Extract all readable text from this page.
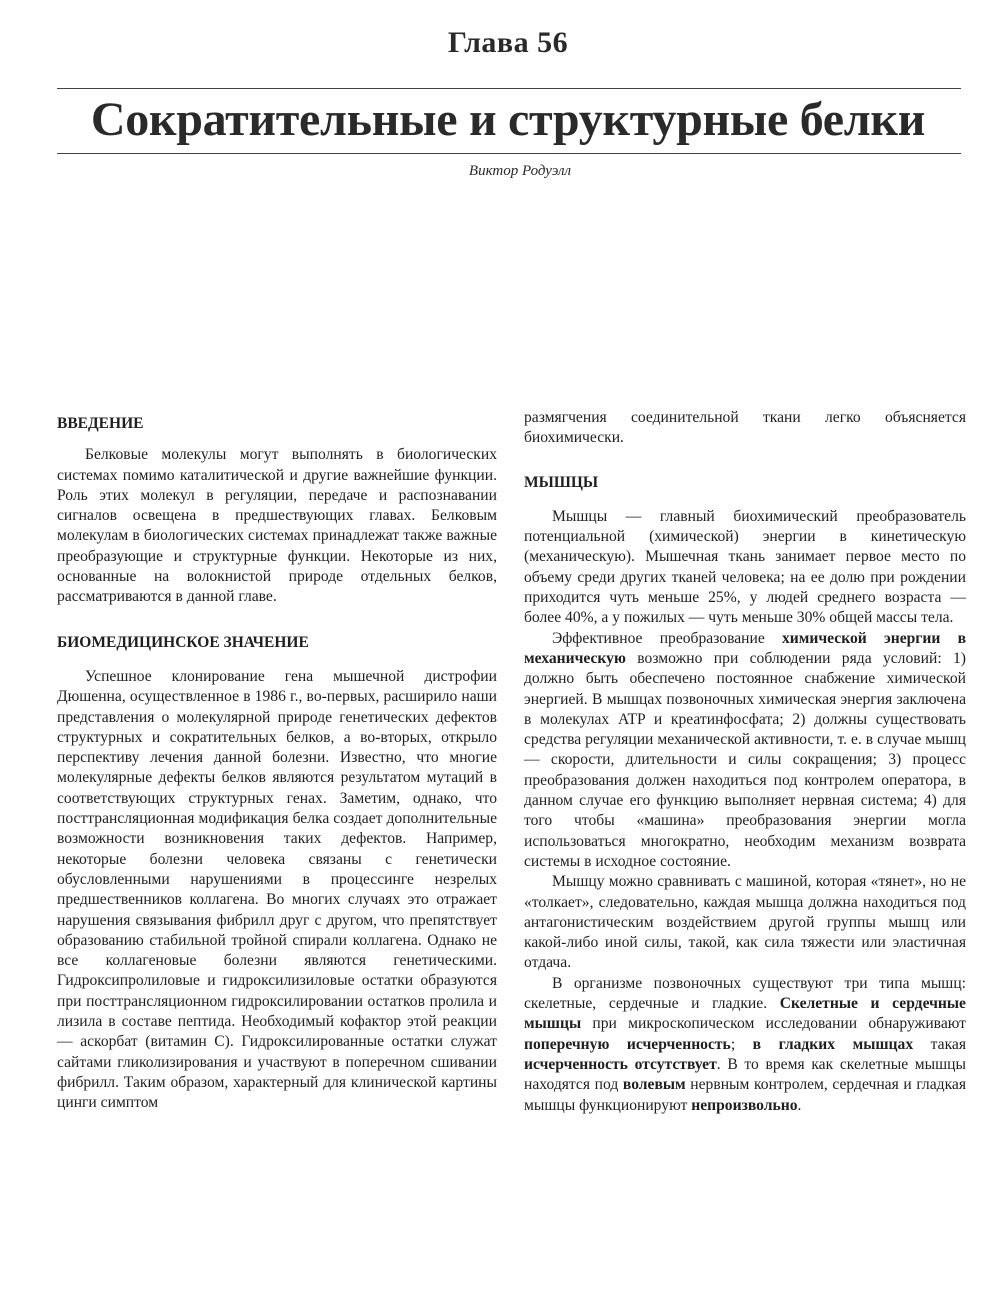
Глава 56
Сократительные и структурные белки
Виктор Родуэлл
ВВЕДЕНИЕ

Белковые молекулы могут выполнять в биологических системах помимо каталитической и другие важнейшие функции. Роль этих молекул в регуляции, передаче и распознавании сигналов освещена в предшествующих главах. Белковым молекулам в биологических системах принадлежат также важные преобразующие и структурные функции. Некоторые из них, основанные на волокнистой природе отдельных белков, рассматриваются в данной главе.

БИОМЕДИЦИНСКОЕ ЗНАЧЕНИЕ

Успешное клонирование гена мышечной дистрофии Дюшенна, осуществленное в 1986 г., во-первых, расширило наши представления о молекулярной природе генетических дефектов структурных и сократительных белков, а во-вторых, открыло перспективу лечения данной болезни. Известно, что многие молекулярные дефекты белков являются результатом мутаций в соответствующих структурных генах. Заметим, однако, что посттрансляционная модификация белка создает дополнительные возможности возникновения таких дефектов. Например, некоторые болезни человека связаны с генетически обусловленными нарушениями в процессинге незрелых предшественников коллагена. Во многих случаях это отражает нарушения связывания фибрилл друг с другом, что препятствует образованию стабильной тройной спирали коллагена. Однако не все коллагеновые болезни являются генетическими. Гидроксипролиловые и гидроксилизиловые остатки образуются при посттрансляционном гидроксилировании остатков пролила и лизила в составе пептида. Необходимый кофактор этой реакции — аскорбат (витамин С). Гидроксилированные остатки служат сайтами гликолизирования и участвуют в поперечном сшивании фибрилл. Таким образом, характерный для клинической картины цинги симптом

размягчения соединительной ткани легко объясняется биохимически.

МЫШЦЫ

Мышцы — главный биохимический преобразователь потенциальной (химической) энергии в кинетическую (механическую). Мышечная ткань занимает первое место по объему среди других тканей человека; на ее долю при рождении приходится чуть меньше 25%, у людей среднего возраста — более 40%, а у пожилых — чуть меньше 30% общей массы тела.

Эффективное преобразование химической энергии в механическую возможно при соблюдении ряда условий: 1) должно быть обеспечено постоянное снабжение химической энергией. В мышцах позвоночных химическая энергия заключена в молекулах ATP и креатинфосфата; 2) должны существовать средства регуляции механической активности, т. е. в случае мышц — скорости, длительности и силы сокращения; 3) процесс преобразования должен находиться под контролем оператора, в данном случае его функцию выполняет нервная система; 4) для того чтобы «машина» преобразования энергии могла использоваться многократно, необходим механизм возврата системы в исходное состояние.

Мышцу можно сравнивать с машиной, которая «тянет», но не «толкает», следовательно, каждая мышца должна находиться под антагонистическим воздействием другой группы мышц или какой-либо иной силы, такой, как сила тяжести или эластичная отдача.

В организме позвоночных существуют три типа мышц: скелетные, сердечные и гладкие. Скелетные и сердечные мышцы при микроскопическом исследовании обнаруживают поперечную исчерченность; в гладких мышцах такая исчерченность отсутствует. В то время как скелетные мышцы находятся под волевым нервным контролем, сердечная и гладкая мышцы функционируют непроизвольно.
